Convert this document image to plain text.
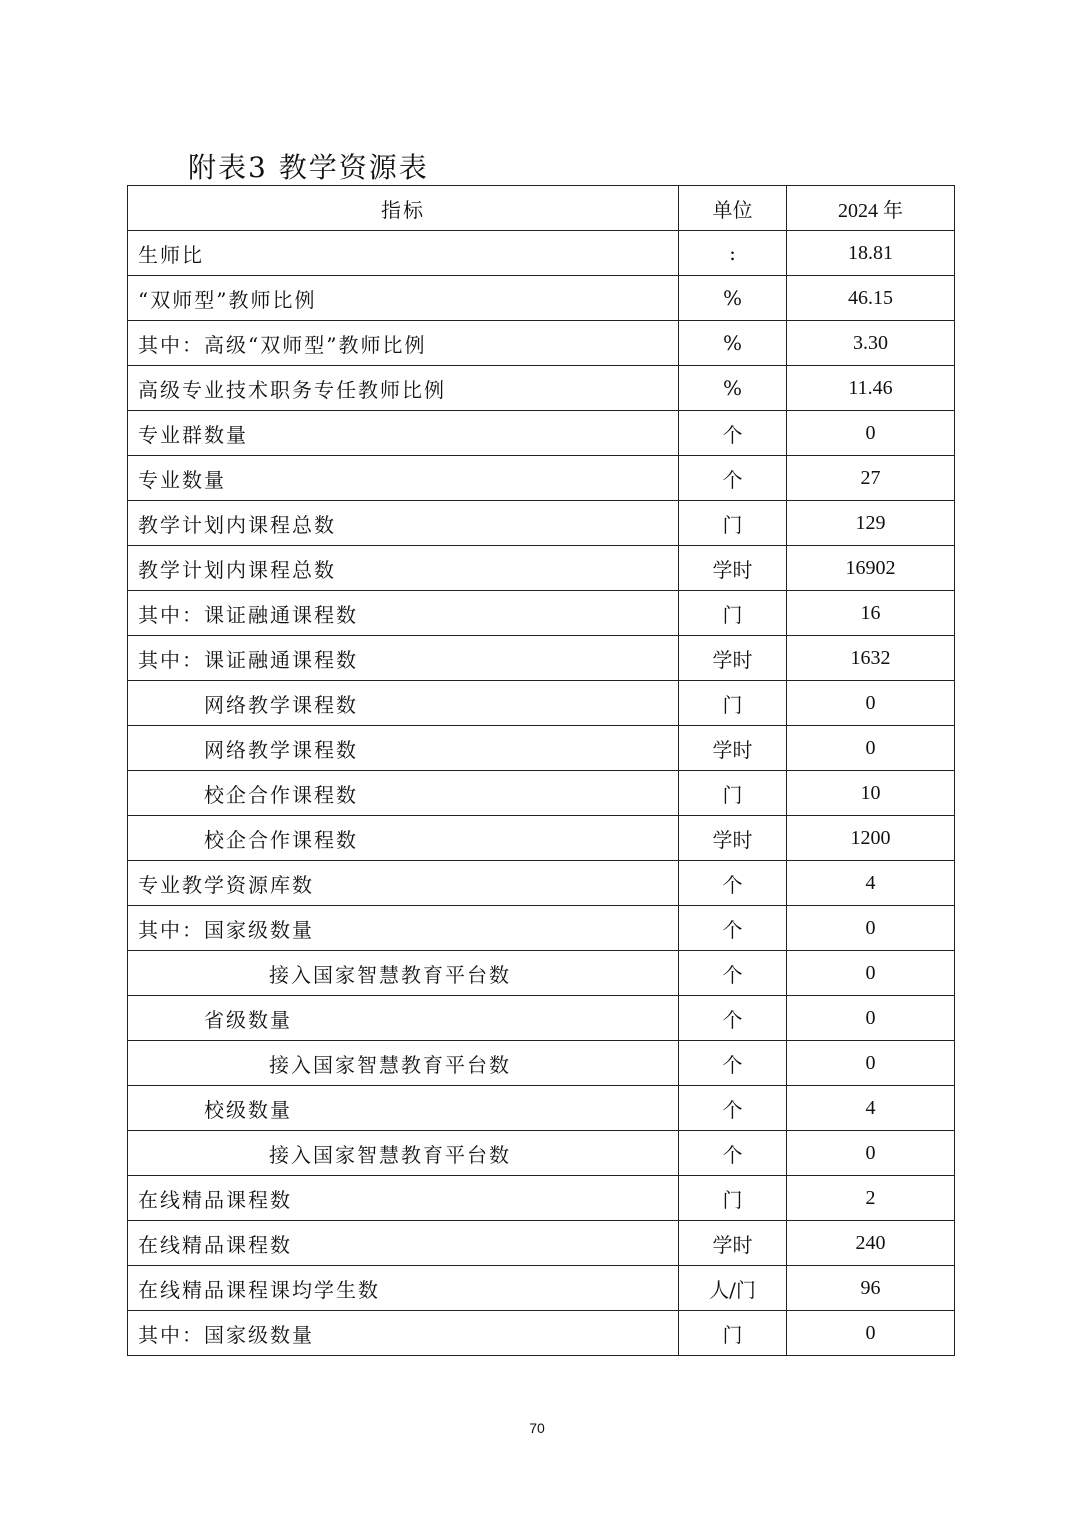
附表3 教学资源表
指标	单位	2024 年
生师比	:	18.81
“双师型”教师比例	%	46.15
其中：高级“双师型”教师比例	%	3.30
高级专业技术职务专任教师比例	%	11.46
专业群数量	个	0
专业数量	个	27
教学计划内课程总数	门	129
教学计划内课程总数	学时	16902
其中：课证融通课程数	门	16
其中：课证融通课程数	学时	1632
网络教学课程数	门	0
网络教学课程数	学时	0
校企合作课程数	门	10
校企合作课程数	学时	1200
专业教学资源库数	个	4
其中：国家级数量	个	0
接入国家智慧教育平台数	个	0
省级数量	个	0
接入国家智慧教育平台数	个	0
校级数量	个	4
接入国家智慧教育平台数	个	0
在线精品课程数	门	2
在线精品课程数	学时	240
在线精品课程课均学生数	人/门	96
其中：国家级数量	门	0
70
